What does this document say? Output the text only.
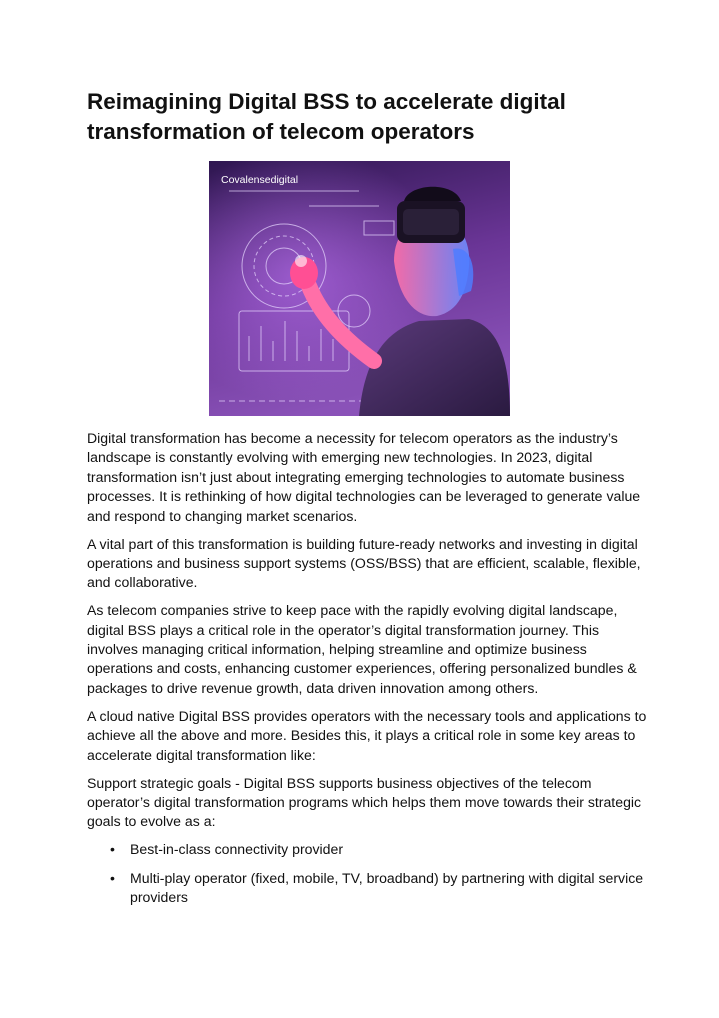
Reimagining Digital BSS to accelerate digital transformation of telecom operators
Covalensedigital

Digital transformation has become a necessity for telecom operators as the industry’s landscape is constantly evolving with emerging new technologies. In 2023, digital transformation isn’t just about integrating emerging technologies to automate business processes. It is rethinking of how digital technologies can be leveraged to generate value and respond to changing market scenarios.

A vital part of this transformation is building future-ready networks and investing in digital operations and business support systems (OSS/BSS) that are efficient, scalable, flexible, and collaborative.

As telecom companies strive to keep pace with the rapidly evolving digital landscape, digital BSS plays a critical role in the operator’s digital transformation journey. This involves managing critical information, helping streamline and optimize business operations and costs, enhancing customer experiences, offering personalized bundles & packages to drive revenue growth, data driven innovation among others.

A cloud native Digital BSS provides operators with the necessary tools and applications to achieve all the above and more. Besides this, it plays a critical role in some key areas to accelerate digital transformation like:

Support strategic goals - Digital BSS supports business objectives of the telecom operator’s digital transformation programs which helps them move towards their strategic goals to evolve as a:

• Best-in-class connectivity provider
• Multi-play operator (fixed, mobile, TV, broadband) by partnering with digital service providers
